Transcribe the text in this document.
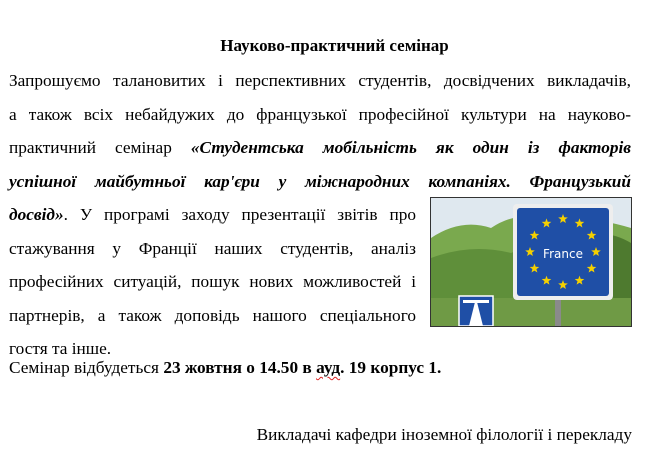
Науково-практичний семінар
Запрошуємо талановитих і перспективних студентів, досвідчених викладачів,
а також всіх небайдужих до французької професійної культури на науково-
практичний семінар «Студентська мобільність як один із факторів
успішної майбутньої кар'єри у міжнародних компаніях. Французький
досвід». У програмі заходу презентації звітів про
стажування у Франції наших студентів, аналіз
професійних ситуацій, пошук нових можливостей і
партнерів, а також доповідь нашого спеціального
гостя та інше.
France
Семінар відбудеться 23 жовтня о 14.50 в ауд. 19 корпус 1.
Викладачі кафедри іноземної філології і перекладу
